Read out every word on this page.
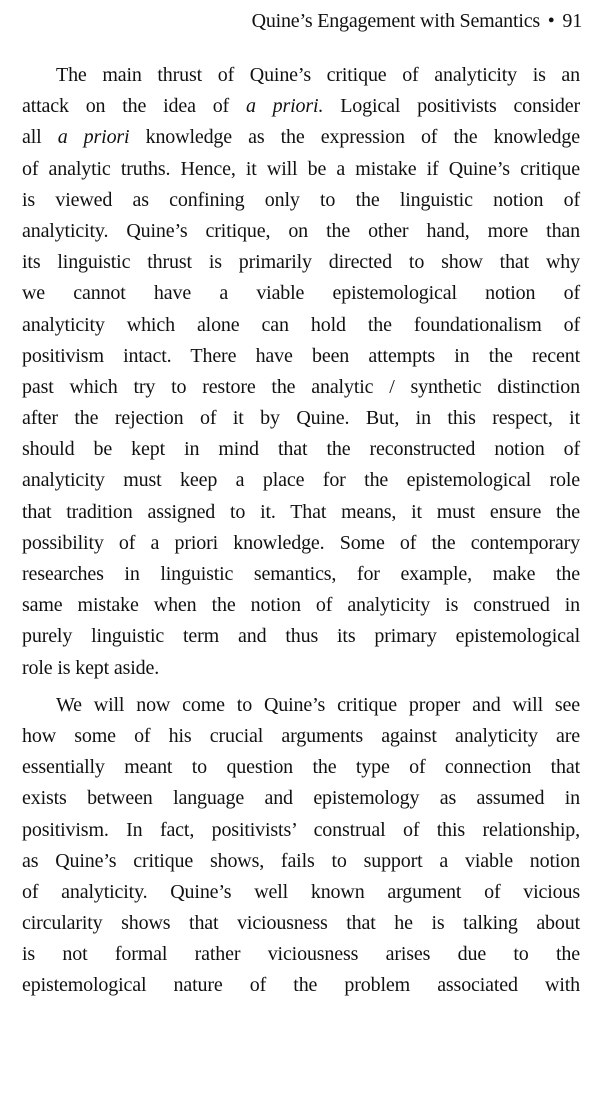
Quine’s Engagement with Semantics • 91

The main thrust of Quine’s critique of analyticity is an
attack on the idea of a priori. Logical positivists consider
all a priori knowledge as the expression of the knowledge
of analytic truths. Hence, it will be a mistake if Quine’s critique
is viewed as confining only to the linguistic notion of
analyticity. Quine’s critique, on the other hand, more than
its linguistic thrust is primarily directed to show that why
we cannot have a viable epistemological notion of
analyticity which alone can hold the foundationalism of
positivism intact. There have been attempts in the recent
past which try to restore the analytic / synthetic distinction
after the rejection of it by Quine. But, in this respect, it
should be kept in mind that the reconstructed notion of
analyticity must keep a place for the epistemological role
that tradition assigned to it. That means, it must ensure the
possibility of a priori knowledge. Some of the contemporary
researches in linguistic semantics, for example, make the
same mistake when the notion of analyticity is construed in
purely linguistic term and thus its primary epistemological
role is kept aside.

We will now come to Quine’s critique proper and will see
how some of his crucial arguments against analyticity are
essentially meant to question the type of connection that
exists between language and epistemology as assumed in
positivism. In fact, positivists’ construal of this relationship,
as Quine’s critique shows, fails to support a viable notion
of analyticity. Quine’s well known argument of vicious
circularity shows that viciousness that he is talking about
is not formal rather viciousness arises due to the
epistemological nature of the problem associated with
